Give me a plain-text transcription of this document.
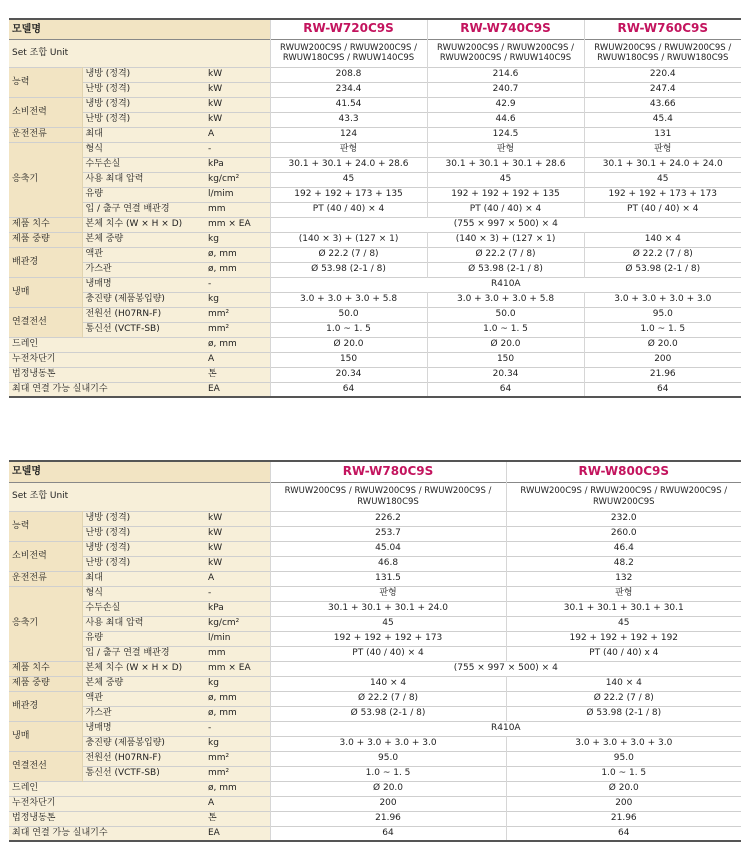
모델명			RW-W720C9S	RW-W740C9S	RW-W760C9S
Set 조합 Unit			RWUW200C9S / RWUW200C9S / RWUW180C9S / RWUW140C9S	RWUW200C9S / RWUW200C9S / RWUW200C9S / RWUW140C9S	RWUW200C9S / RWUW200C9S / RWUW180C9S / RWUW180C9S
능력	냉방 (정격)	kW	208.8	214.6	220.4
	난방 (정격)	kW	234.4	240.7	247.4
소비전력	냉방 (정격)	kW	41.54	42.9	43.66
	난방 (정격)	kW	43.3	44.6	45.4
운전전류	최대	A	124	124.5	131
응축기	형식	-	판형	판형	판형
	수두손실	kPa	30.1 + 30.1 + 24.0 + 28.6	30.1 + 30.1 + 30.1 + 28.6	30.1 + 30.1 + 24.0 + 24.0
	사용 최대 압력	kg/cm²	45	45	45
	유량	l/mim	192 + 192 + 173 + 135	192 + 192 + 192 + 135	192 + 192 + 173 + 173
	입 / 출구 연결 배관경	mm	PT (40 / 40) × 4	PT (40 / 40) × 4	PT (40 / 40) × 4
제품 치수	본체 치수 (W × H × D)	mm × EA	(755 × 997 × 500) × 4		
제품 중량	본체 중량	kg	(140 × 3) + (127 × 1)	(140 × 3) + (127 × 1)	140 × 4
배관경	액관	ø, mm	Ø 22.2 (7 / 8)	Ø 22.2 (7 / 8)	Ø 22.2 (7 / 8)
	가스관	ø, mm	Ø 53.98 (2-1 / 8)	Ø 53.98 (2-1 / 8)	Ø 53.98 (2-1 / 8)
냉매	냉매명	-	R410A		
	충진량 (제품봉입량)	kg	3.0 + 3.0 + 3.0 + 5.8	3.0 + 3.0 + 3.0 + 5.8	3.0 + 3.0 + 3.0 + 3.0
연결전선	전원선 (H07RN-F)	mm²	50.0	50.0	95.0
	통신선 (VCTF-SB)	mm²	1.0 ~ 1. 5	1.0 ~ 1. 5	1.0 ~ 1. 5
드레인		ø, mm	Ø 20.0	Ø 20.0	Ø 20.0
누전차단기		A	150	150	200
법정냉동톤		톤	20.34	20.34	21.96
최대 연결 가능 실내기수		EA	64	64	64
모델명			RW-W780C9S	RW-W800C9S
Set 조합 Unit			RWUW200C9S / RWUW200C9S / RWUW200C9S / RWUW180C9S	RWUW200C9S / RWUW200C9S / RWUW200C9S / RWUW200C9S
능력	냉방 (정격)	kW	226.2	232.0
	난방 (정격)	kW	253.7	260.0
소비전력	냉방 (정격)	kW	45.04	46.4
	난방 (정격)	kW	46.8	48.2
운전전류	최대	A	131.5	132
응축기	형식	-	판형	판형
	수두손실	kPa	30.1 + 30.1 + 30.1 + 24.0	30.1 + 30.1 + 30.1 + 30.1
	사용 최대 압력	kg/cm²	45	45
	유량	l/min	192 + 192 + 192 + 173	192 + 192 + 192 + 192
	입 / 출구 연결 배관경	mm	PT (40 / 40) × 4	PT (40 / 40) x 4
제품 치수	본체 치수 (W × H × D)	mm × EA	(755 × 997 × 500) × 4	
제품 중량	본체 중량	kg	140 × 4	140 × 4
배관경	액관	ø, mm	Ø 22.2 (7 / 8)	Ø 22.2 (7 / 8)
	가스관	ø, mm	Ø 53.98 (2-1 / 8)	Ø 53.98 (2-1 / 8)
냉매	냉매명	-	R410A	
	충진량 (제품봉입량)	kg	3.0 + 3.0 + 3.0 + 3.0	3.0 + 3.0 + 3.0 + 3.0
연결전선	전원선 (H07RN-F)	mm²	95.0	95.0
	통신선 (VCTF-SB)	mm²	1.0 ~ 1. 5	1.0 ~ 1. 5
드레인		ø, mm	Ø 20.0	Ø 20.0
누전차단기		A	200	200
법정냉동톤		톤	21.96	21.96
최대 연결 가능 실내기수		EA	64	64
